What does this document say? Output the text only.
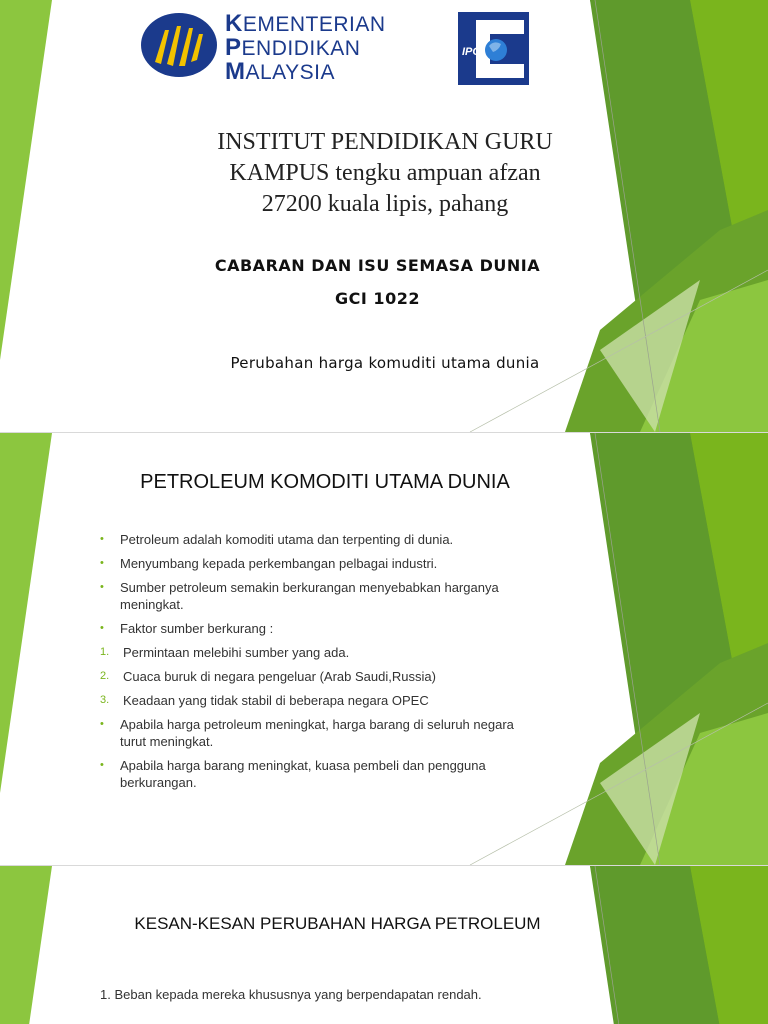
KEMENTERIAN
PENDIDIKAN
MALAYSIA
IPG
INSTITUT PENDIDIKAN GURU
KAMPUS tengku ampuan afzan
27200 kuala lipis, pahang
CABARAN DAN ISU SEMASA DUNIA
GCI 1022
Perubahan harga komuditi utama dunia
PETROLEUM KOMODITI UTAMA DUNIA
• Petroleum adalah komoditi utama dan terpenting di dunia.
• Menyumbang kepada perkembangan pelbagai industri.
• Sumber petroleum semakin berkurangan menyebabkan harganya meningkat.
• Faktor sumber berkurang :
1. Permintaan melebihi sumber yang ada.
2. Cuaca buruk di negara pengeluar (Arab Saudi,Russia)
3. Keadaan yang tidak stabil di beberapa negara OPEC
• Apabila harga petroleum meningkat, harga barang di seluruh negara turut meningkat.
• Apabila harga barang meningkat, kuasa pembeli dan pengguna berkurangan.
KESAN-KESAN PERUBAHAN HARGA PETROLEUM
1. Beban kepada mereka khususnya yang berpendapatan rendah.
